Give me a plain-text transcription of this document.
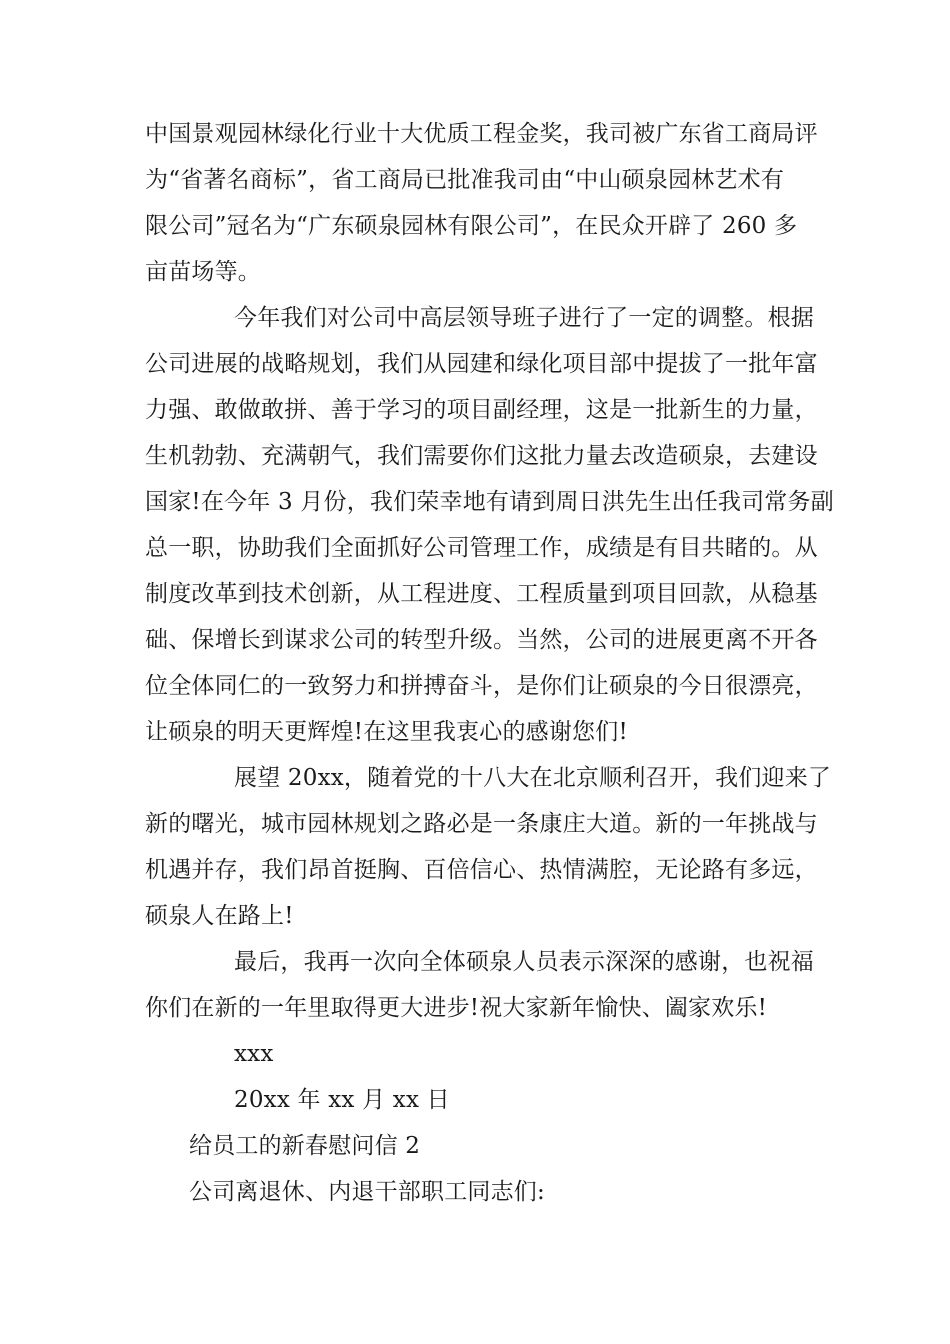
中国景观园林绿化行业十大优质工程金奖，我司被广东省工商局评
为“省著名商标”，省工商局已批准我司由“中山硕泉园林艺术有
限公司”冠名为“广东硕泉园林有限公司”，在民众开辟了 260 多
亩苗场等。
今年我们对公司中高层领导班子进行了一定的调整。根据
公司进展的战略规划，我们从园建和绿化项目部中提拔了一批年富
力强、敢做敢拼、善于学习的项目副经理，这是一批新生的力量，
生机勃勃、充满朝气，我们需要你们这批力量去改造硕泉，去建设
国家!在今年 3 月份，我们荣幸地有请到周日洪先生出任我司常务副
总一职，协助我们全面抓好公司管理工作，成绩是有目共睹的。从
制度改革到技术创新，从工程进度、工程质量到项目回款，从稳基
础、保增长到谋求公司的转型升级。当然，公司的进展更离不开各
位全体同仁的一致努力和拼搏奋斗，是你们让硕泉的今日很漂亮，
让硕泉的明天更辉煌!在这里我衷心的感谢您们!
展望 20xx，随着党的十八大在北京顺利召开，我们迎来了
新的曙光，城市园林规划之路必是一条康庄大道。新的一年挑战与
机遇并存，我们昂首挺胸、百倍信心、热情满腔，无论路有多远，
硕泉人在路上!
最后，我再一次向全体硕泉人员表示深深的感谢，也祝福
你们在新的一年里取得更大进步!祝大家新年愉快、阖家欢乐!
xxx
20xx 年 xx 月 xx 日
给员工的新春慰问信 2
公司离退休、内退干部职工同志们:
